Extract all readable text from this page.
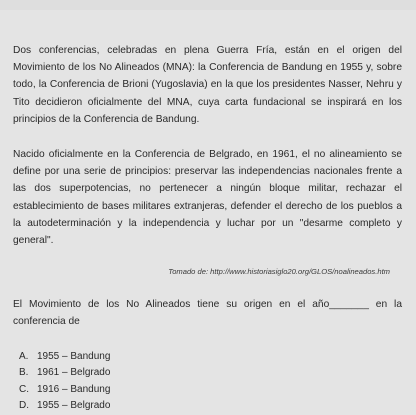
Dos conferencias, celebradas en plena Guerra Fría, están en el origen del Movimiento de los No Alineados (MNA): la Conferencia de Bandung en 1955 y, sobre todo, la Conferencia de Brioni (Yugoslavia) en la que los presidentes Nasser, Nehru y Tito decidieron oficialmente del MNA, cuya carta fundacional se inspirará en los principios de la Conferencia de Bandung.

Nacido oficialmente en la Conferencia de Belgrado, en 1961, el no alineamiento se define por una serie de principios: preservar las independencias nacionales frente a las dos superpotencias, no pertenecer a ningún bloque militar, rechazar el establecimiento de bases militares extranjeras, defender el derecho de los pueblos a la autodeterminación y la independencia y luchar por un "desarme completo y general".

Tomado de: http://www.historiasiglo20.org/GLOS/noalineados.htm

El Movimiento de los No Alineados tiene su origen en el año_______ en la conferencia de

A. 1955 – Bandung
B. 1961 – Belgrado
C. 1916 – Bandung
D. 1955 – Belgrado
